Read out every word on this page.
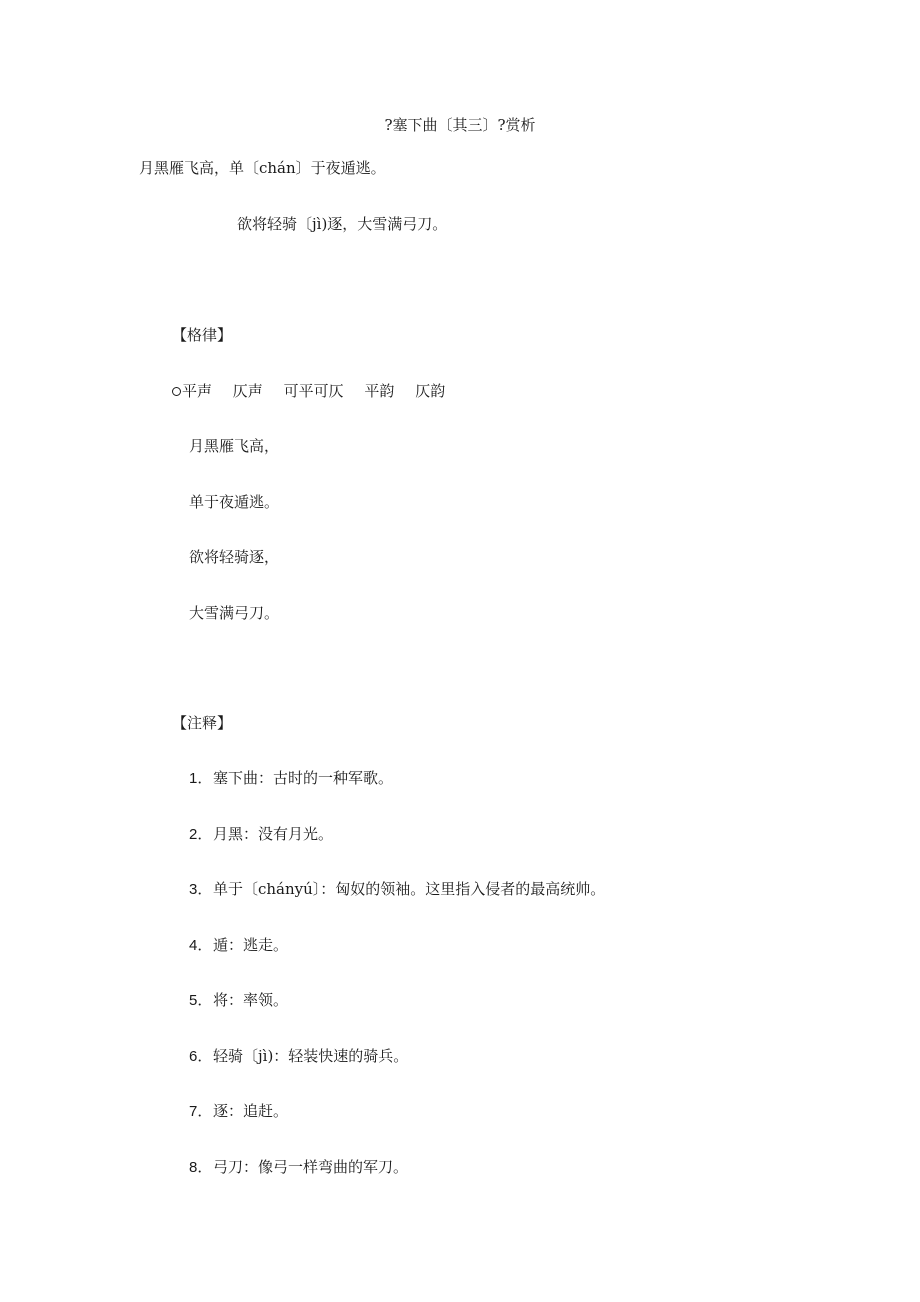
?塞下曲〔其三〕?赏析
月黑雁飞高，单〔chán〕于夜遁逃。
欲将轻骑〔jì)逐，大雪满弓刀。
【格律】
平声 仄声 可平可仄 平韵 仄韵
月黑雁飞高，
单于夜遁逃。
欲将轻骑逐，
大雪满弓刀。
【注释】
1．塞下曲：古时的一种军歌。
2．月黑：没有月光。
3．单于〔chányú〕：匈奴的领袖。这里指入侵者的最高统帅。
4．遁：逃走。
5．将：率领。
6．轻骑〔jì)：轻装快速的骑兵。
7．逐：追赶。
8．弓刀：像弓一样弯曲的军刀。
